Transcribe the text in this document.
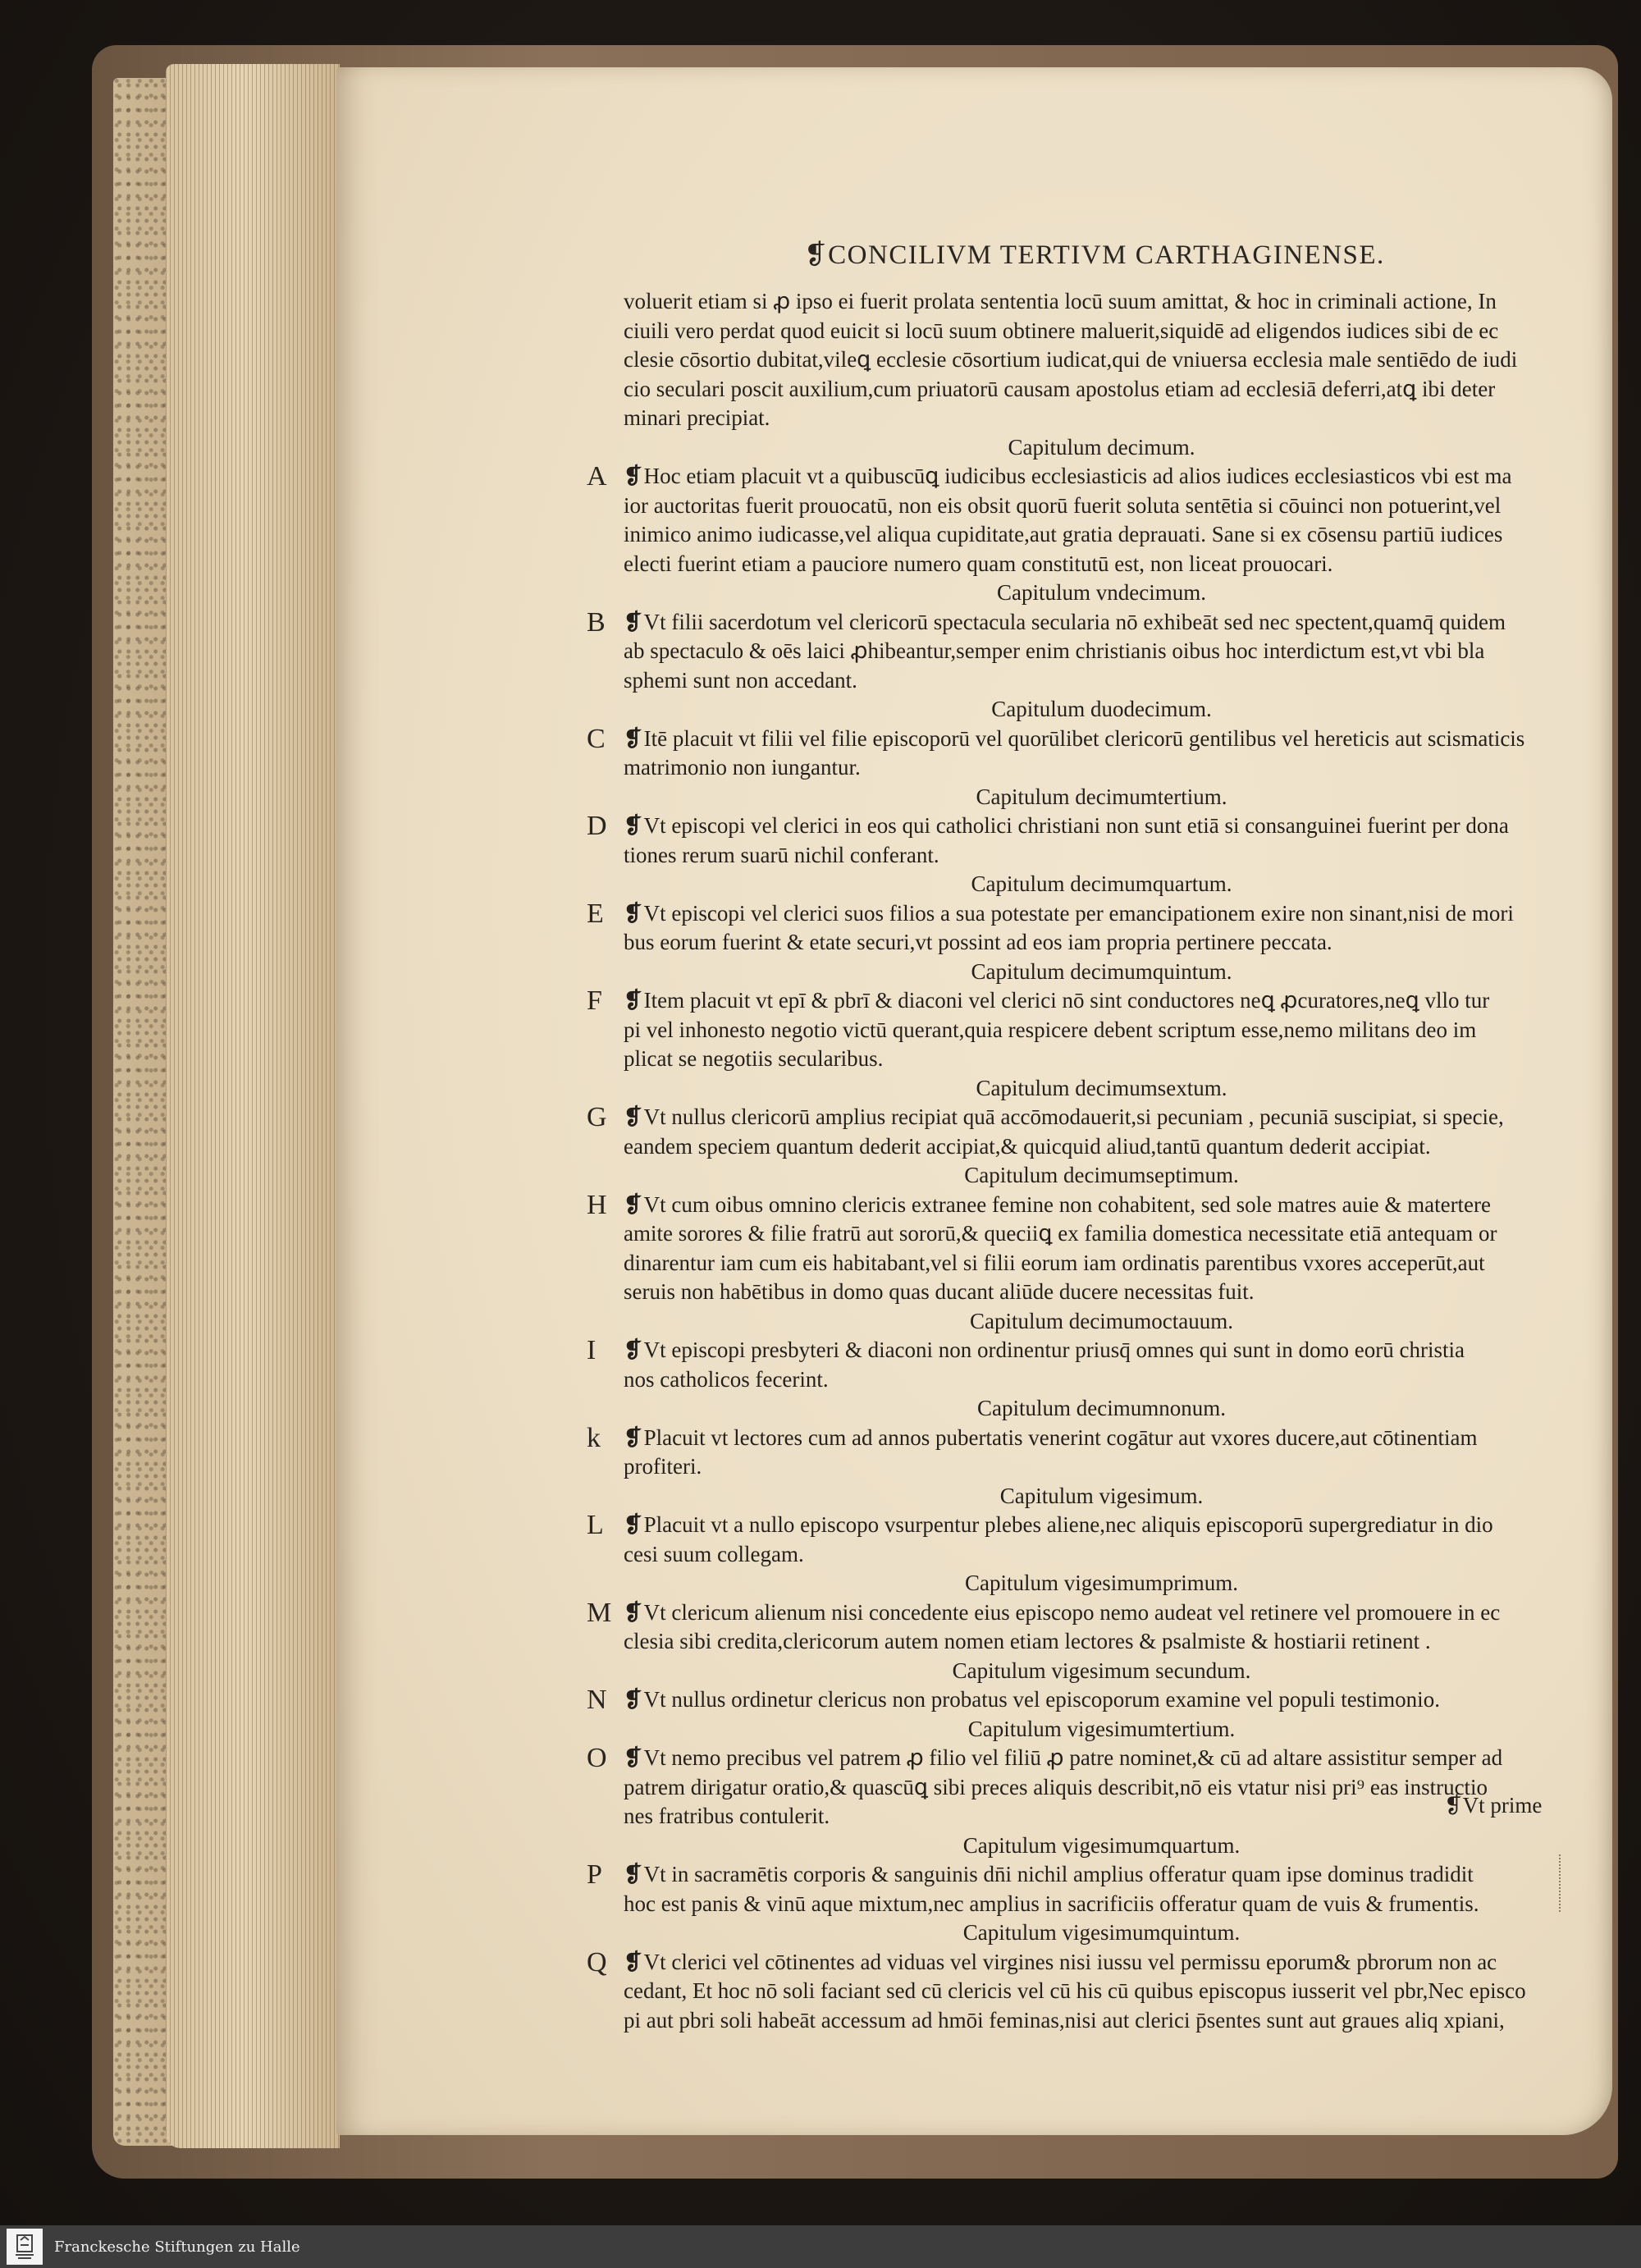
❡CONCILIVM TERTIVM CARTHAGINENSE.
voluerit etiam si ꝓ ipso ei fuerit prolata sententia locū suum amittat, & hoc in criminali actione, In
ciuili vero perdat quod euicit si locū suum obtinere maluerit,siquidē ad eligendos iudices sibi de ec
clesie cōsortio dubitat,vileꝗ ecclesie cōsortium iudicat,qui de vniuersa ecclesia male sentiēdo de iudi
cio seculari poscit auxilium,cum priuatorū causam apostolus etiam ad ecclesiā deferri,atꝗ ibi deter
minari precipiat.
Capitulum decimum.
A ❡Hoc etiam placuit vt a quibuscūꝗ iudicibus ecclesiasticis ad alios iudices ecclesiasticos vbi est ma
ior auctoritas fuerit prouocatū, non eis obsit quorū fuerit soluta sentētia si cōuinci non potuerint,vel
inimico animo iudicasse,vel aliqua cupiditate,aut gratia deprauati. Sane si ex cōsensu partiū iudices
electi fuerint etiam a pauciore numero quam constitutū est, non liceat prouocari.
Capitulum vndecimum.
B ❡Vt filii sacerdotum vel clericorū spectacula secularia nō exhibeāt sed nec spectent,quamq̄ quidem
ab spectaculo & oēs laici ꝓhibeantur,semper enim christianis oibus hoc interdictum est,vt vbi bla
sphemi sunt non accedant.
Capitulum duodecimum.
C ❡Itē placuit vt filii vel filie episcoporū vel quorūlibet clericorū gentilibus vel hereticis aut scismaticis
matrimonio non iungantur.
Capitulum decimumtertium.
D ❡Vt episcopi vel clerici in eos qui catholici christiani non sunt etiā si consanguinei fuerint per dona
tiones rerum suarū nichil conferant.
Capitulum decimumquartum.
E ❡Vt episcopi vel clerici suos filios a sua potestate per emancipationem exire non sinant,nisi de mori
bus eorum fuerint & etate securi,vt possint ad eos iam propria pertinere peccata.
Capitulum decimumquintum.
F ❡Item placuit vt epī & pbrī & diaconi vel clerici nō sint conductores neꝗ ꝓcuratores,neꝗ vllo tur
pi vel inhonesto negotio victū querant,quia respicere debent scriptum esse,nemo militans deo im
plicat se negotiis secularibus.
Capitulum decimumsextum.
G ❡Vt nullus clericorū amplius recipiat quā accōmodauerit,si pecuniam , pecuniā suscipiat, si specie,
eandem speciem quantum dederit accipiat,& quicquid aliud,tantū quantum dederit accipiat.
Capitulum decimumseptimum.
H ❡Vt cum oibus omnino clericis extranee femine non cohabitent, sed sole matres auie & matertere
amite sorores & filie fratrū aut sororū,& queciiꝗ ex familia domestica necessitate etiā antequam or
dinarentur iam cum eis habitabant,vel si filii eorum iam ordinatis parentibus vxores acceperūt,aut
seruis non habētibus in domo quas ducant aliūde ducere necessitas fuit.
Capitulum decimumoctauum.
I ❡Vt episcopi presbyteri & diaconi non ordinentur priusq̄ omnes qui sunt in domo eorū christia
nos catholicos fecerint.
Capitulum decimumnonum.
k ❡Placuit vt lectores cum ad annos pubertatis venerint cogātur aut vxores ducere,aut cōtinentiam
profiteri.
Capitulum vigesimum.
L ❡Placuit vt a nullo episcopo vsurpentur plebes aliene,nec aliquis episcoporū supergrediatur in dio
cesi suum collegam.
Capitulum vigesimumprimum.
M ❡Vt clericum alienum nisi concedente eius episcopo nemo audeat vel retinere vel promouere in ec
clesia sibi credita,clericorum autem nomen etiam lectores & psalmiste & hostiarii retinent .
Capitulum vigesimum secundum.
N ❡Vt nullus ordinetur clericus non probatus vel episcoporum examine vel populi testimonio.
Capitulum vigesimumtertium.
O ❡Vt nemo precibus vel patrem ꝓ filio vel filiū ꝓ patre nominet,& cū ad altare assistitur semper ad
patrem dirigatur oratio,& quascūꝗ sibi preces aliquis describit,nō eis vtatur nisi pri⁹ eas instructio
nes fratribus contulerit.
Capitulum vigesimumquartum.
P ❡Vt in sacramētis corporis & sanguinis dn̄i nichil amplius offeratur quam ipse dominus tradidit
hoc est panis & vinū aque mixtum,nec amplius in sacrificiis offeratur quam de vuis & frumentis.
Capitulum vigesimumquintum.
Q ❡Vt clerici vel cōtinentes ad viduas vel virgines nisi iussu vel permissu eporum& pbrorum non ac
cedant, Et hoc nō soli faciant sed cū clericis vel cū his cū quibus episcopus iusserit vel pbr,Nec episco
pi aut pbri soli habeāt accessum ad hmōi feminas,nisi aut clerici p̄sentes sunt aut graues aliq xpiani,
❡Vt prime
Franckesche Stiftungen zu Halle
